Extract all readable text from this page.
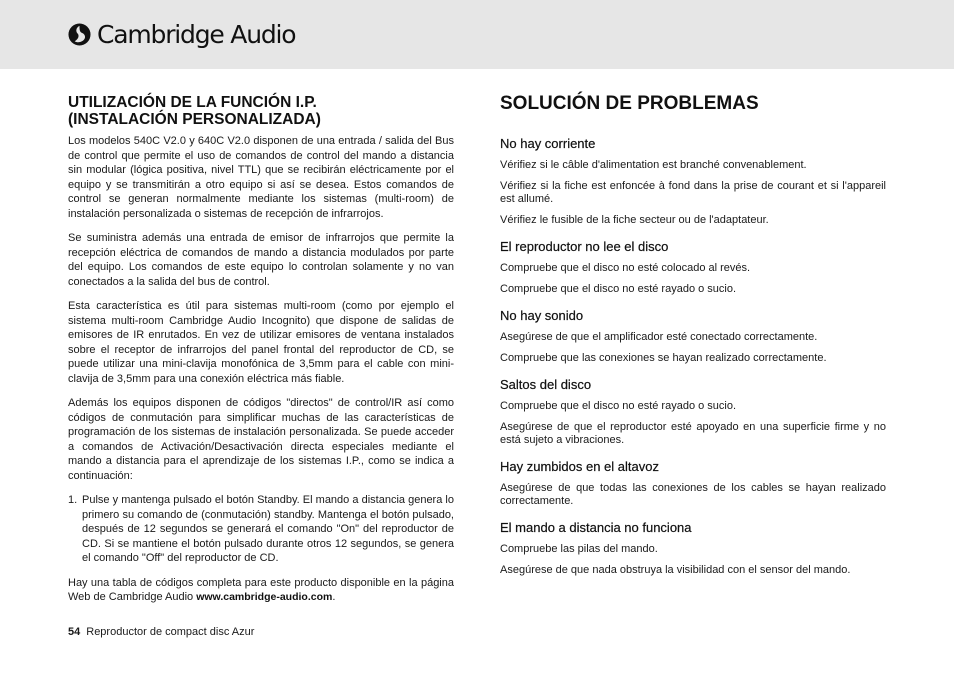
Cambridge Audio
UTILIZACIÓN DE LA FUNCIÓN I.P.
(INSTALACIÓN PERSONALIZADA)

Los modelos 540C V2.0 y 640C V2.0 disponen de una entrada / salida del Bus de control que permite el uso de comandos de control del mando a distancia sin modular (lógica positiva, nivel TTL) que se recibirán eléctricamente por el equipo y se transmitirán a otro equipo si así se desea. Estos comandos de control se generan normalmente mediante los sistemas (multi-room) de instalación personalizada o sistemas de recepción de infrarrojos.

Se suministra además una entrada de emisor de infrarrojos que permite la recepción eléctrica de comandos de mando a distancia modulados por parte del equipo. Los comandos de este equipo lo controlan solamente y no van conectados a la salida del bus de control.

Esta característica es útil para sistemas multi-room (como por ejemplo el sistema multi-room Cambridge Audio Incognito) que dispone de salidas de emisores de IR enrutados. En vez de utilizar emisores de ventana instalados sobre el receptor de infrarrojos del panel frontal del reproductor de CD, se puede utilizar una mini-clavija monofónica de 3,5mm para el cable con mini-clavija de 3,5mm para una conexión eléctrica más fiable.

Además los equipos disponen de códigos "directos" de control/IR así como códigos de conmutación para simplificar muchas de las características de programación de los sistemas de instalación personalizada. Se puede acceder a comandos de Activación/Desactivación directa especiales mediante el mando a distancia para el aprendizaje de los sistemas I.P., como se indica a continuación:

1. Pulse y mantenga pulsado el botón Standby. El mando a distancia genera lo primero su comando de (conmutación) standby. Mantenga el botón pulsado, después de 12 segundos se generará el comando "On" del reproductor de CD. Si se mantiene el botón pulsado durante otros 12 segundos, se genera el comando "Off" del reproductor de CD.

Hay una tabla de códigos completa para este producto disponible en la página Web de Cambridge Audio www.cambridge-audio.com.

SOLUCIÓN DE PROBLEMAS
No hay corriente

Vérifiez si le câble d'alimentation est branché convenablement.

Vérifiez si la fiche est enfoncée à fond dans la prise de courant et si l'appareil est allumé.

Vérifiez le fusible de la fiche secteur ou de l'adaptateur.

El reproductor no lee el disco

Compruebe que el disco no esté colocado al revés.

Compruebe que el disco no esté rayado o sucio.

No hay sonido

Asegúrese de que el amplificador esté conectado correctamente.

Compruebe que las conexiones se hayan realizado correctamente.

Saltos del disco

Compruebe que el disco no esté rayado o sucio.

Asegúrese de que el reproductor esté apoyado en una superficie firme y no está sujeto a vibraciones.

Hay zumbidos en el altavoz

Asegúrese de que todas las conexiones de los cables se hayan realizado correctamente.

El mando a distancia no funciona

Compruebe las pilas del mando.

Asegúrese de que nada obstruya la visibilidad con el sensor del mando.

54 Reproductor de compact disc Azur
